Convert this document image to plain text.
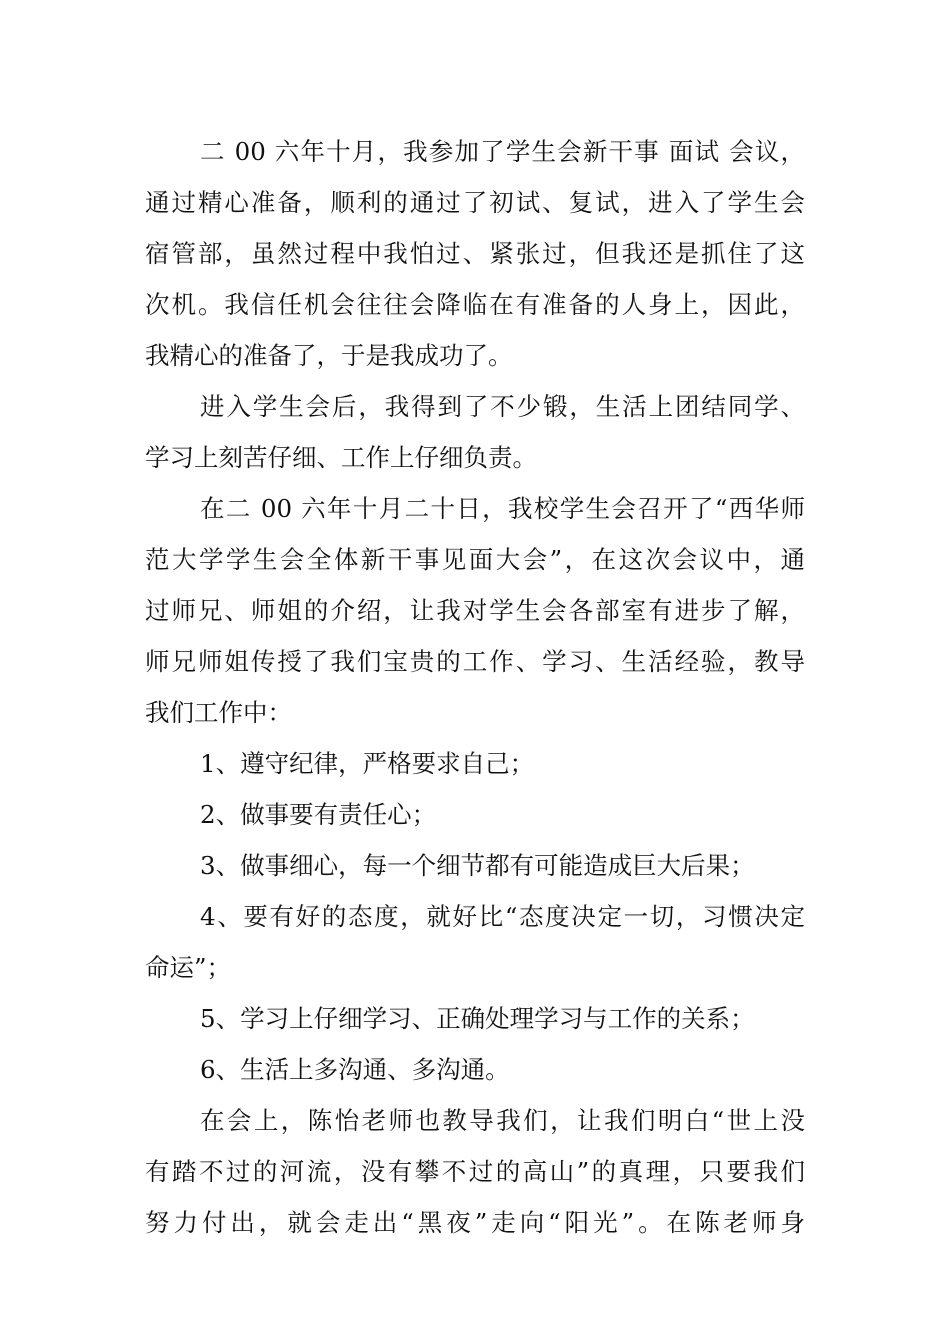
二 00 六年十月，我参加了学生会新干事 面试 会议，
通过精心准备，顺利的通过了初试、复试，进入了学生会
宿管部，虽然过程中我怕过、紧张过，但我还是抓住了这
次机。我信任机会往往会降临在有准备的人身上，因此，
我精心的准备了，于是我成功了。
进入学生会后，我得到了不少锻，生活上团结同学、
学习上刻苦仔细、工作上仔细负责。
在二 00 六年十月二十日，我校学生会召开了“西华师
范大学学生会全体新干事见面大会”，在这次会议中，通
过师兄、师姐的介绍，让我对学生会各部室有进步了解，
师兄师姐传授了我们宝贵的工作、学习、生活经验，教导
我们工作中：
1、遵守纪律，严格要求自己；
2、做事要有责任心；
3、做事细心，每一个细节都有可能造成巨大后果；
4、要有好的态度，就好比“态度决定一切，习惯决定
命运”；
5、学习上仔细学习、正确处理学习与工作的关系；
6、生活上多沟通、多沟通。
在会上，陈怡老师也教导我们，让我们明白“世上没
有踏不过的河流，没有攀不过的高山”的真理，只要我们
努力付出，就会走出“黑夜”走向“阳光”。在陈老师身
